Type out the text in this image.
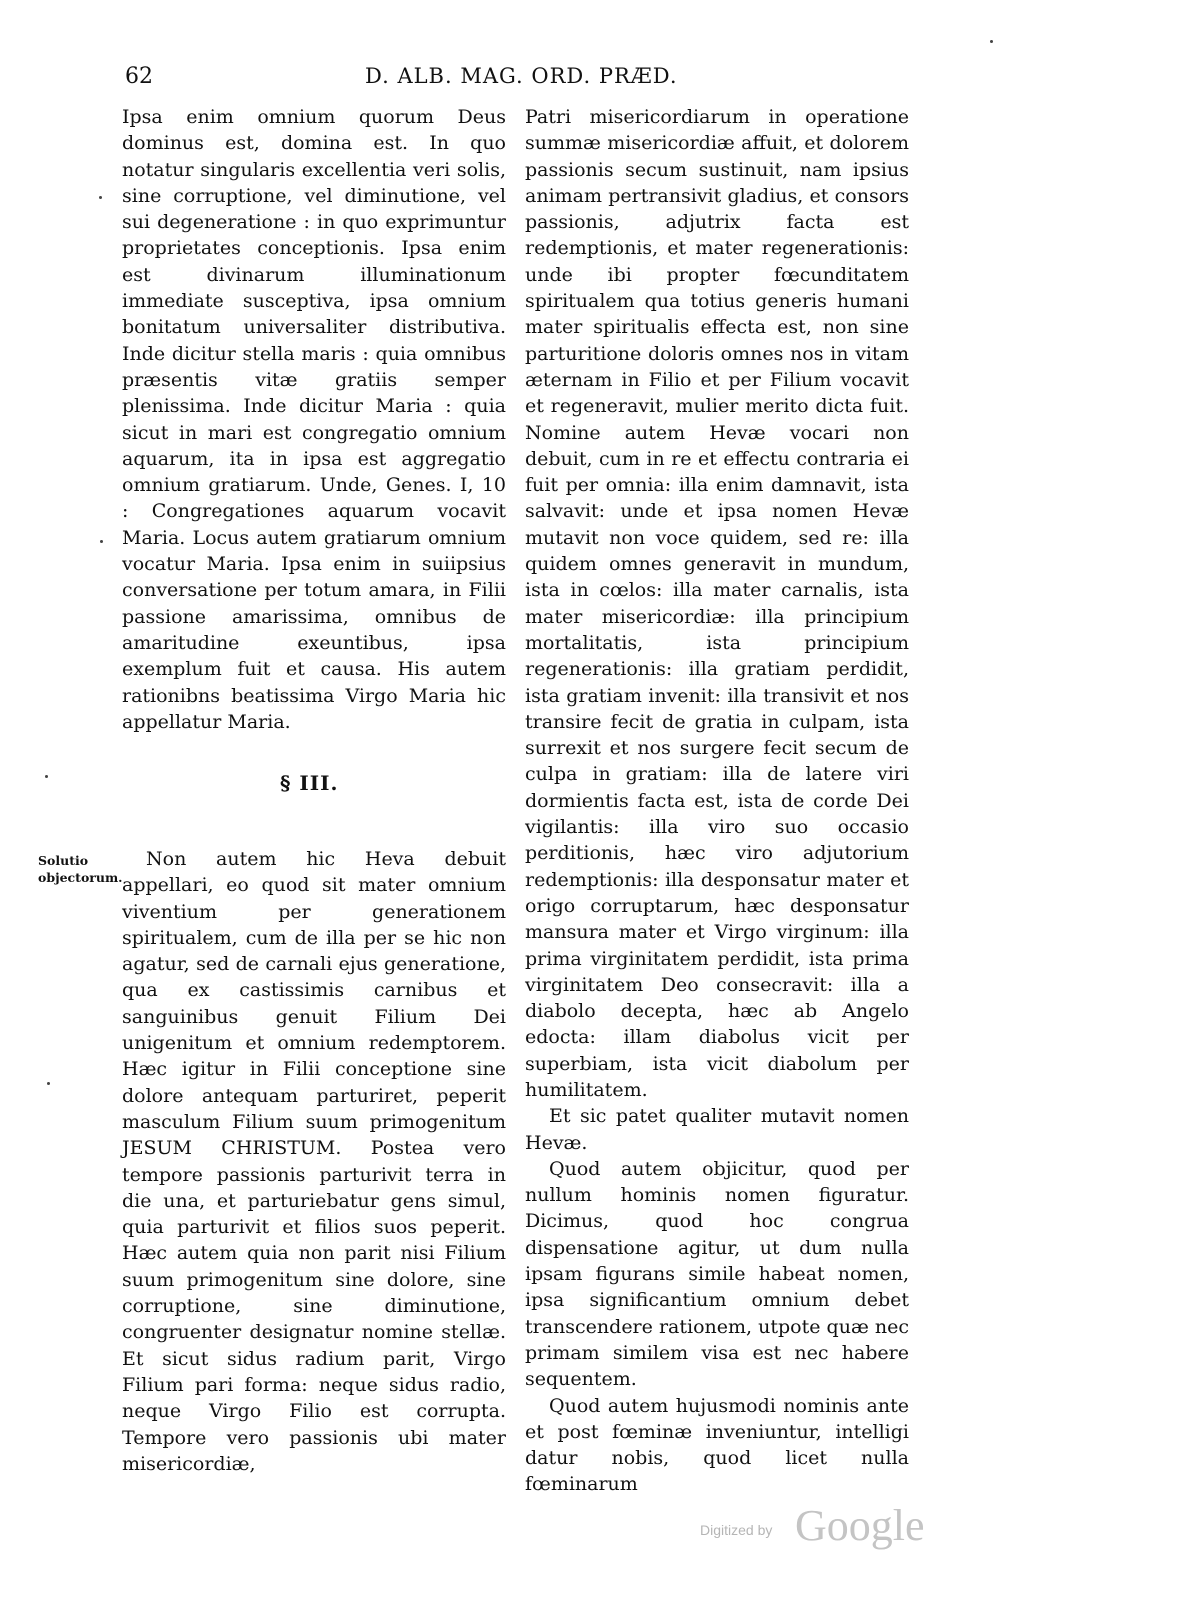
62	D. ALB. MAG. ORD. PRÆD.

Ipsa enim omnium quorum Deus dominus est, domina est. In quo notatur singularis excellentia veri solis, sine corruptione, vel diminutione, vel sui degeneratione : in quo exprimuntur proprietates conceptionis. Ipsa enim est divinarum illuminationum immediate susceptiva, ipsa omnium bonitatum universaliter distributiva. Inde dicitur stella maris : quia omnibus præsentis vitæ gratiis semper plenissima. Inde dicitur Maria : quia sicut in mari est congregatio omnium aquarum, ita in ipsa est aggregatio omnium gratiarum. Unde, Genes. I, 10 : Congregationes aquarum vocavit Maria. Locus autem gratiarum omnium vocatur Maria. Ipsa enim in suiipsius conversatione per totum amara, in Filii passione amarissima, omnibus de amaritudine exeuntibus, ipsa exemplum fuit et causa. His autem rationibns beatissima Virgo Maria hic appellatur Maria.

§ III.
Solutio objectorum.

Non autem hic Heva debuit appellari, eo quod sit mater omnium viventium per generationem spiritualem, cum de illa per se hic non agatur, sed de carnali ejus generatione, qua ex castissimis carnibus et sanguinibus genuit Filium Dei unigenitum et omnium redemptorem. Hæc igitur in Filii conceptione sine dolore antequam parturiret, peperit masculum Filium suum primogenitum JESUM CHRISTUM. Postea vero tempore passionis parturivit terra in die una, et parturiebatur gens simul, quia parturivit et filios suos peperit. Hæc autem quia non parit nisi Filium suum primogenitum sine dolore, sine corruptione, sine diminutione, congruenter designatur nomine stellæ. Et sicut sidus radium parit, Virgo Filium pari forma: neque sidus radio, neque Virgo Filio est corrupta. Tempore vero passionis ubi mater misericordiæ,

Patri misericordiarum in operatione summæ misericordiæ affuit, et dolorem passionis secum sustinuit, nam ipsius animam pertransivit gladius, et consors passionis, adjutrix facta est redemptionis, et mater regenerationis: unde ibi propter fœcunditatem spiritualem qua totius generis humani mater spiritualis effecta est, non sine parturitione doloris omnes nos in vitam æternam in Filio et per Filium vocavit et regeneravit, mulier merito dicta fuit. Nomine autem Hevæ vocari non debuit, cum in re et effectu contraria ei fuit per omnia: illa enim damnavit, ista salvavit: unde et ipsa nomen Hevæ mutavit non voce quidem, sed re: illa quidem omnes generavit in mundum, ista in cœlos: illa mater carnalis, ista mater misericordiæ: illa principium mortalitatis, ista principium regenerationis: illa gratiam perdidit, ista gratiam invenit: illa transivit et nos transire fecit de gratia in culpam, ista surrexit et nos surgere fecit secum de culpa in gratiam: illa de latere viri dormientis facta est, ista de corde Dei vigilantis: illa viro suo occasio perditionis, hæc viro adjutorium redemptionis: illa desponsatur mater et origo corruptarum, hæc desponsatur mansura mater et Virgo virginum: illa prima virginitatem perdidit, ista prima virginitatem Deo consecravit: illa a diabolo decepta, hæc ab Angelo edocta: illam diabolus vicit per superbiam, ista vicit diabolum per humilitatem.

Et sic patet qualiter mutavit nomen Hevæ.

Quod autem objicitur, quod per nullum hominis nomen figuratur. Dicimus, quod hoc congrua dispensatione agitur, ut dum nulla ipsam figurans simile habeat nomen, ipsa significantium omnium debet transcendere rationem, utpote quæ nec primam similem visa est nec habere sequentem.

Quod autem hujusmodi nominis ante et post fœminæ inveniuntur, intelligi datur nobis, quod licet nulla fœminarum

Digitized by Google
